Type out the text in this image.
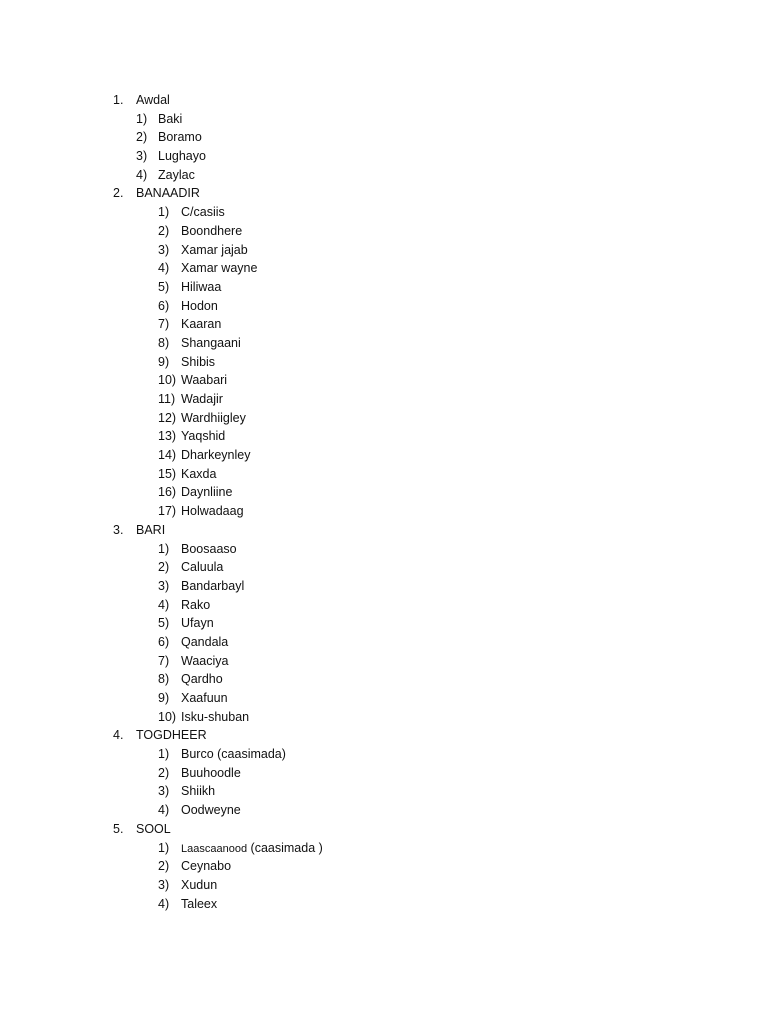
1. Awdal
1) Baki
2) Boramo
3) Lughayo
4) Zaylac
2. BANAADIR
1) C/casiis
2) Boondhere
3) Xamar jajab
4) Xamar wayne
5) Hiliwaa
6) Hodon
7) Kaaran
8) Shangaani
9) Shibis
10) Waabari
11) Wadajir
12) Wardhiigley
13) Yaqshid
14) Dharkeynley
15) Kaxda
16) Daynliine
17) Holwadaag
3. BARI
1) Boosaaso
2) Caluula
3) Bandarbayl
4) Rako
5) Ufayn
6) Qandala
7) Waaciya
8) Qardho
9) Xaafuun
10) Isku-shuban
4. TOGDHEER
1) Burco (caasimada)
2) Buuhoodle
3) Shiikh
4) Oodweyne
5. SOOL
1) Laascaanood (caasimada )
2) Ceynabo
3) Xudun
4) Taleex
